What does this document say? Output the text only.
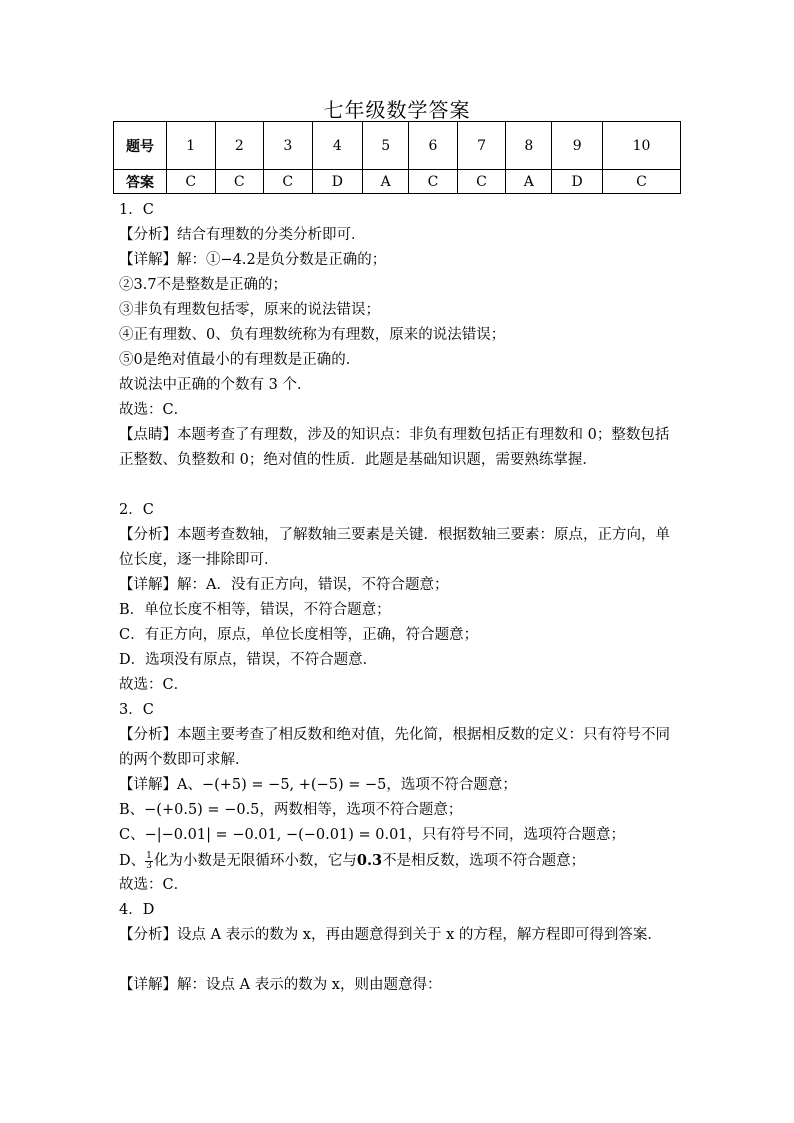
七年级数学答案
题号	1	2	3	4	5	6	7	8	9	10
答案	C	C	C	D	A	C	C	A	D	C
1．C
【分析】结合有理数的分类分析即可．
【详解】解：①−4.2是负分数是正确的；
②3.7不是整数是正确的；
③非负有理数包括零，原来的说法错误；
④正有理数、0、负有理数统称为有理数，原来的说法错误；
⑤0是绝对值最小的有理数是正确的．
故说法中正确的个数有 3 个．
故选：C．
【点睛】本题考查了有理数，涉及的知识点：非负有理数包括正有理数和 0；整数包括正整数、负整数和 0；绝对值的性质．此题是基础知识题，需要熟练掌握．
2．C
【分析】本题考查数轴，了解数轴三要素是关键．根据数轴三要素：原点，正方向，单位长度，逐一排除即可．
【详解】解：A．没有正方向，错误，不符合题意；
B．单位长度不相等，错误，不符合题意；
C．有正方向，原点，单位长度相等，正确，符合题意；
D．选项没有原点，错误，不符合题意．
故选：C．
3．C
【分析】本题主要考查了相反数和绝对值，先化简，根据相反数的定义：只有符号不同的两个数即可求解．
【详解】A、−(+5) = −5, +(−5) = −5，选项不符合题意；
B、−(+0.5) = −0.5，两数相等，选项不符合题意；
C、−|−0.01| = −0.01, −(−0.01) = 0.01，只有符号不同，选项符合题意；
D、 $\frac{1}{3}$ 化为小数是无限循环小数，它与0.3不是相反数，选项不符合题意；
故选：C．
4．D
【分析】设点 A 表示的数为 x，再由题意得到关于 x 的方程，解方程即可得到答案．
【详解】解：设点 A 表示的数为 x，则由题意得：
